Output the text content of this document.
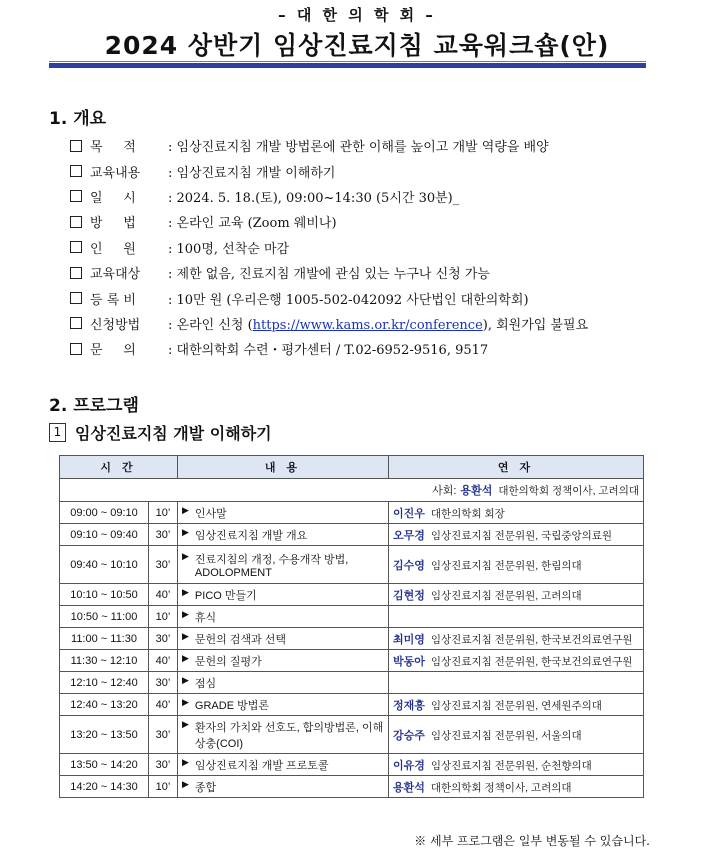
– 대 한 의 학 회 –
2024 상반기 임상진료지침 교육워크숍(안)
1. 개요
목     적	: 임상진료지침 개발 방법론에 관한 이해를 높이고 개발 역량을 배양
교육내용	: 임상진료지침 개발 이해하기
일     시	: 2024. 5. 18.(토), 09:00~14:30 (5시간 30분)_
방     법	: 온라인 교육 (Zoom 웨비나)
인     원	: 100명, 선착순 마감
교육대상	: 제한 없음, 진료지침 개발에 관심 있는 누구나 신청 가능
등 록 비	: 10만 원 (우리은행 1005-502-042092 사단법인 대한의학회)
신청방법	: 온라인 신청 (https://www.kams.or.kr/conference), 회원가입 불필요
문     의	: 대한의학회 수련・평가센터 / T.02-6952-9516, 9517
2. 프로그램
1 임상진료지침 개발 이해하기
시 간		내 용	연 자
			사회: 용환석 대한의학회 정책이사, 고려의대
09:00 ~ 09:10	10’	▶ 인사말	이진우 대한의학회 회장
09:10 ~ 09:40	30’	▶ 임상진료지침 개발 개요	오무경 임상진료지침 전문위원, 국립중앙의료원
09:40 ~ 10:10	30’	▶ 진료지침의 개정, 수용개작 방법, ADOLOPMENT	김수영 임상진료지침 전문위원, 한림의대
10:10 ~ 10:50	40’	▶ PICO 만들기	김현정 임상진료지침 전문위원, 고려의대
10:50 ~ 11:00	10’	▶ 휴식	

11:00 ~ 11:30	30’	▶ 문헌의 검색과 선택	최미영 임상진료지침 전문위원, 한국보건의료연구원
11:30 ~ 12:10	40’	▶ 문헌의 질평가	박동아 임상진료지침 전문위원, 한국보건의료연구원
12:10 ~ 12:40	30’	▶ 점심	

12:40 ~ 13:20	40’	▶ GRADE 방법론	정재흥 임상진료지침 전문위원, 연세원주의대
13:20 ~ 13:50	30’	▶ 환자의 가치와 선호도, 합의방법론, 이해상충(COI)	강승주 임상진료지침 전문위원, 서울의대
13:50 ~ 14:20	30’	▶ 임상진료지침 개발 프로토콜	이유경 임상진료지침 전문위원, 순천향의대
14:20 ~ 14:30	10’	▶ 종합	용환석 대한의학회 정책이사, 고려의대
※ 세부 프로그램은 일부 변동될 수 있습니다.
